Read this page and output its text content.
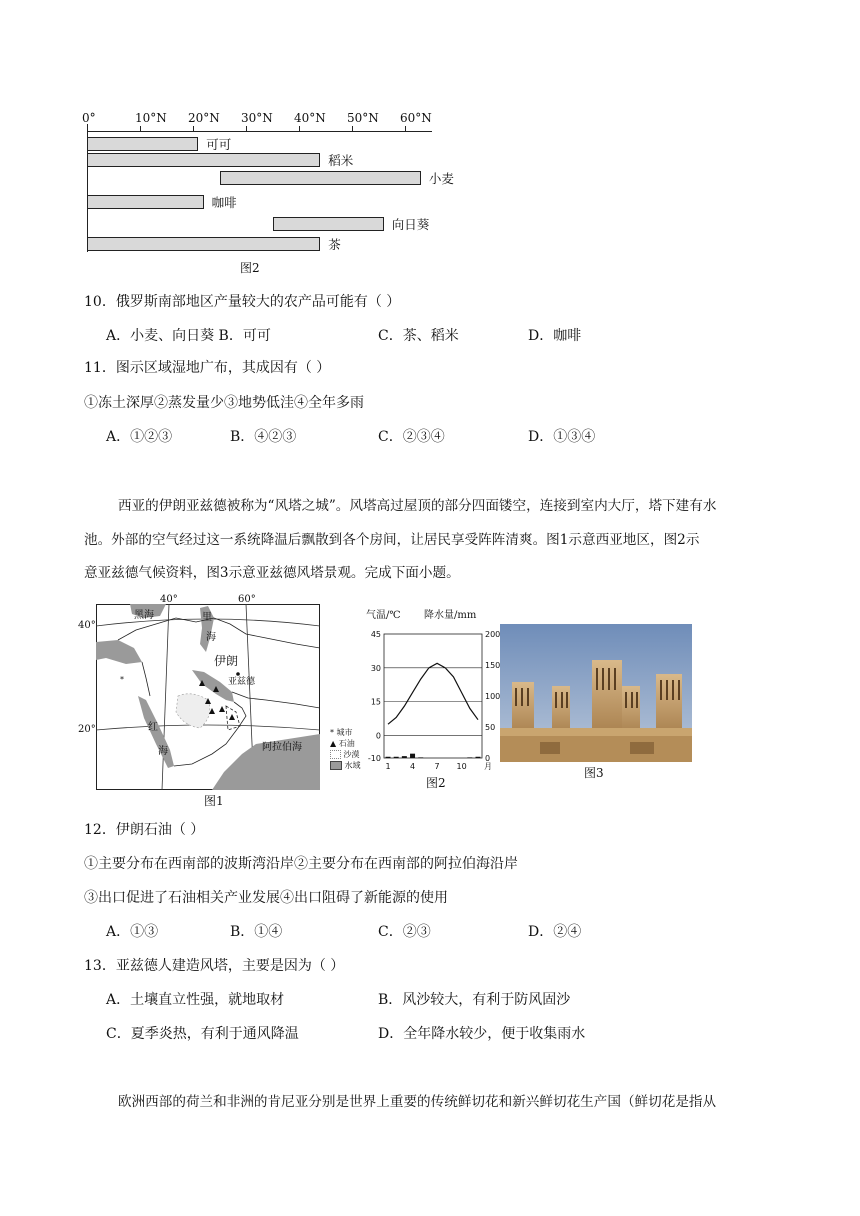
0°	10°N 20°N 30°N 40°N 50°N 60°N
可可
稻米
小麦
咖啡
向日葵
茶
图2
10．俄罗斯南部地区产量较大的农产品可能有（ ）
A．小麦、向日葵 B．可可	C．茶、稻米	D．咖啡
11．图示区域湿地广布，其成因有（ ）
①冻土深厚②蒸发量少③地势低洼④全年多雨
A．①②③	B．④②③	C．②③④	D．①③④
西亚的伊朗亚兹德被称为“风塔之城”。风塔高过屋顶的部分四面镂空，连接到室内大厅，塔下建有水
池。外部的空气经过这一系统降温后飘散到各个房间，让居民享受阵阵清爽。图1示意西亚地区，图2示
意亚兹德气候资料，图3示意亚兹德风塔景观。完成下面小题。
*
40°	60°
40°
20°
黑海	里
海
伊朗
亚兹德
红
海	阿拉伯海
图1
* 城市
▲ 石油
沙漠
水域
45
30
15
0
-10
200
150
100
50
0
1 4 7 10 月
气温/℃ 降水量/mm
图2
图3
12．伊朗石油（ ）
①主要分布在西南部的波斯湾沿岸②主要分布在西南部的阿拉伯海沿岸
③出口促进了石油相关产业发展④出口阻碍了新能源的使用
A．①③	B．①④	C．②③	D．②④
13．亚兹德人建造风塔，主要是因为（ ）
A．土壤直立性强，就地取材	B．风沙较大，有利于防风固沙
C．夏季炎热，有利于通风降温	D．全年降水较少，便于收集雨水
欧洲西部的荷兰和非洲的肯尼亚分别是世界上重要的传统鲜切花和新兴鲜切花生产国（鲜切花是指从
